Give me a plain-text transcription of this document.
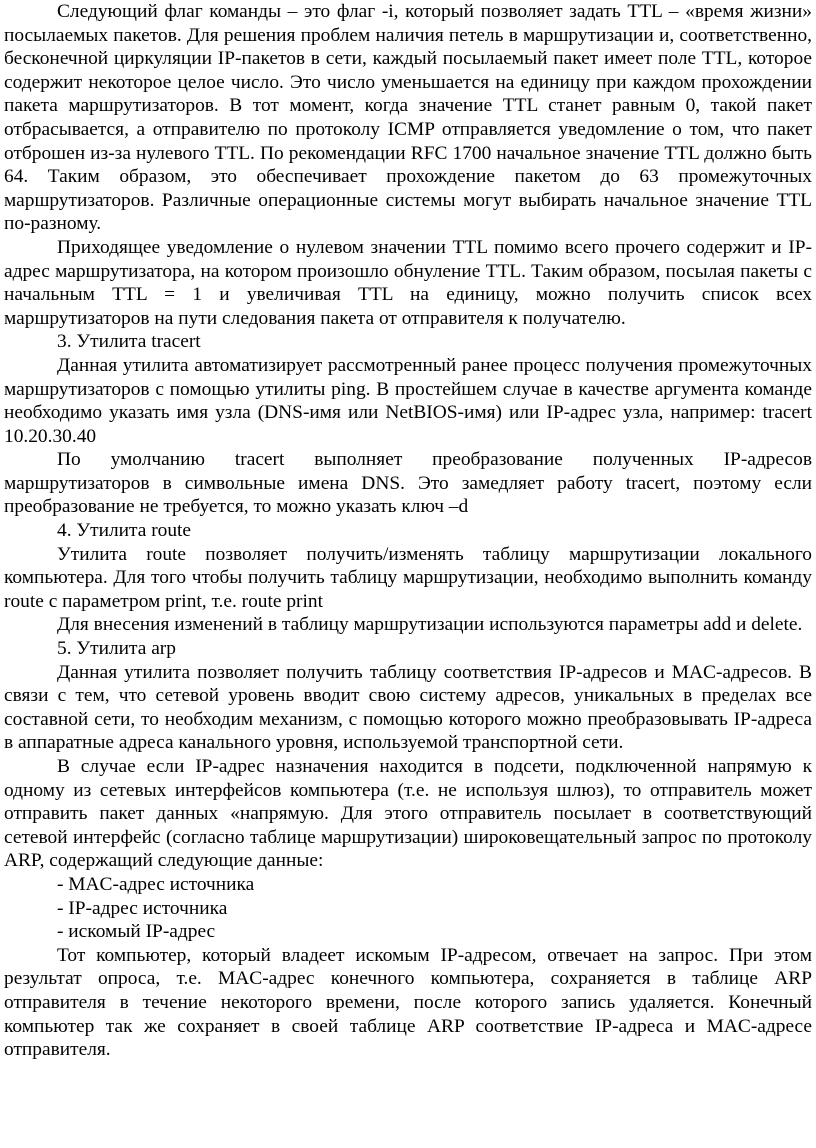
Следующий флаг команды – это флаг -i, который позволяет задать TTL – «время жизни» посылаемых пакетов. Для решения проблем наличия петель в маршрутизации и, соответственно, бесконечной циркуляции IP-пакетов в сети, каждый посылаемый пакет имеет поле TTL, которое содержит некоторое целое число. Это число уменьшается на единицу при каждом прохождении пакета маршрутизаторов. В тот момент, когда значение TTL станет равным 0, такой пакет отбрасывается, а отправителю по протоколу ICMP отправляется уведомление о том, что пакет отброшен из-за нулевого TTL. По рекомендации RFC 1700 начальное значение TTL должно быть 64. Таким образом, это обеспечивает прохождение пакетом до 63 промежуточных маршрутизаторов. Различные операционные системы могут выбирать начальное значение TTL по-разному.

Приходящее уведомление о нулевом значении TTL помимо всего прочего содержит и IP-адрес маршрутизатора, на котором произошло обнуление TTL. Таким образом, посылая пакеты с начальным TTL = 1 и увеличивая TTL на единицу, можно получить список всех маршрутизаторов на пути следования пакета от отправителя к получателю.

3. Утилита tracert

Данная утилита автоматизирует рассмотренный ранее процесс получения промежуточных маршрутизаторов с помощью утилиты ping. В простейшем случае в качестве аргумента команде необходимо указать имя узла (DNS-имя или NetBIOS-имя) или IP-адрес узла, например: tracert 10.20.30.40

По умолчанию tracert выполняет преобразование полученных IP-адресов маршрутизаторов в символьные имена DNS. Это замедляет работу tracert, поэтому если преобразование не требуется, то можно указать ключ –d

4. Утилита route

Утилита route позволяет получить/изменять таблицу маршрутизации локального компьютера. Для того чтобы получить таблицу маршрутизации, необходимо выполнить команду route с параметром print, т.е. route print

Для внесения изменений в таблицу маршрутизации используются параметры add и delete.

5. Утилита arp

Данная утилита позволяет получить таблицу соответствия IP-адресов и MAC-адресов. В связи с тем, что сетевой уровень вводит свою систему адресов, уникальных в пределах все составной сети, то необходим механизм, с помощью которого можно преобразовывать IP-адреса в аппаратные адреса канального уровня, используемой транспортной сети.

В случае если IP-адрес назначения находится в подсети, подключенной напрямую к одному из сетевых интерфейсов компьютера (т.е. не используя шлюз), то отправитель может отправить пакет данных «напрямую. Для этого отправитель посылает в соответствующий сетевой интерфейс (согласно таблице маршрутизации) широковещательный запрос по протоколу ARP, содержащий следующие данные:

- MAC-адрес источника

- IP-адрес источника

- искомый IP-адрес

Тот компьютер, который владеет искомым IP-адресом, отвечает на запрос. При этом результат опроса, т.е. MAC-адрес конечного компьютера, сохраняется в таблице ARP отправителя в течение некоторого времени, после которого запись удаляется. Конечный компьютер так же сохраняет в своей таблице ARP соответствие IP-адреса и MAC-адресе отправителя.
